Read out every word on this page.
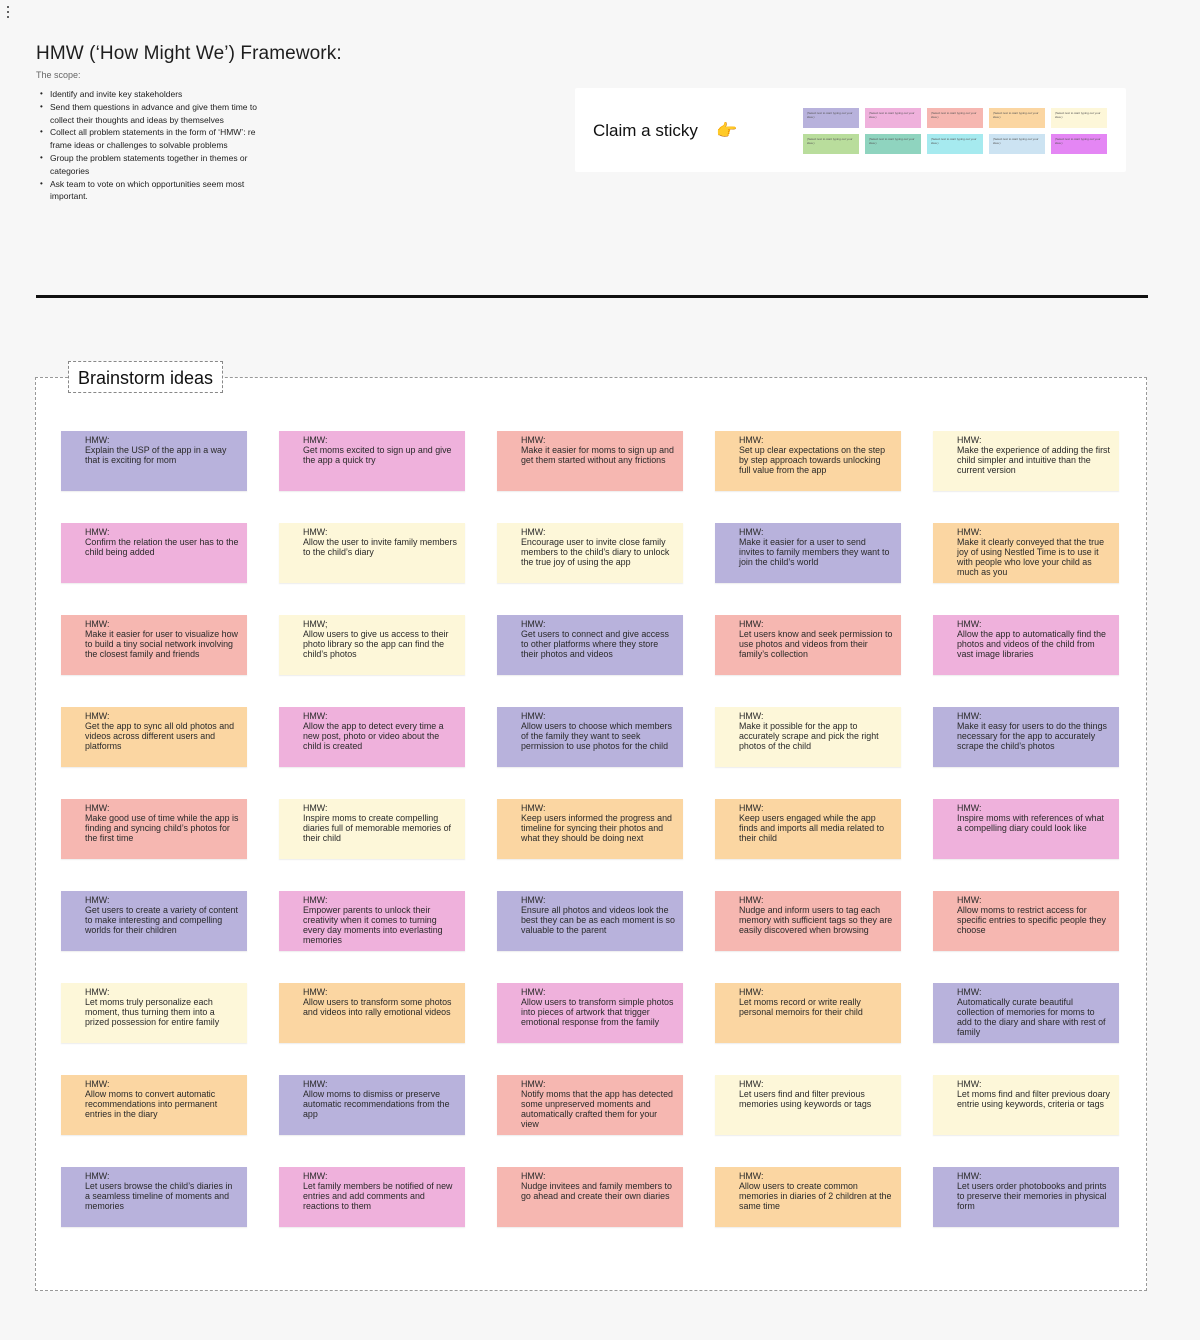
HMW (‘How Might We’) Framework:
The scope:
• Identify and invite key stakeholders
• Send them questions in advance and give them time to collect their thoughts and ideas by themselves
• Collect all problem statements in the form of ‘HMW’: re frame ideas or challenges to solvable problems
• Group the problem statements together in themes or categories
• Ask team to vote on which opportunities seem most important.
Claim a sticky 👉
(Select text to start typing out your idea.)
(Select text to start typing out your idea.)
(Select text to start typing out your idea.)
(Select text to start typing out your idea.)
(Select text to start typing out your idea.)
(Select text to start typing out your idea.)
(Select text to start typing out your idea.)
(Select text to start typing out your idea.)
(Select text to start typing out your idea.)
(Select text to start typing out your idea.)
Brainstorm ideas
HMW:
Explain the USP of the app in a way that is exciting for mom
HMW:
Get moms excited to sign up and give the app a quick try
HMW:
Make it easier for moms to sign up and get them started without any frictions
HMW:
Set up clear expectations on the step by step approach towards unlocking full value from the app
HMW:
Make the experience of adding the first child simpler and intuitive than the current version
HMW:
Confirm the relation the user has to the child being added
HMW:
Allow the user to invite family members to the child’s diary
HMW:
Encourage user to invite close family members to the child’s diary to unlock the true joy of using the app
HMW:
Make it easier for a user to send invites to family members they want to join the child’s world
HMW:
Make it clearly conveyed that the true joy of using Nestled Time is to use it with people who love your child as much as you
HMW:
Make it easier for user to visualize how to build a tiny social network involving the closest family and friends
HMW;
Allow users to give us access to their photo library so the app can find the child’s photos
HMW:
Get users to connect and give access to other platforms where they store their photos and videos
HMW:
Let users know and seek permission to use photos and videos from their family’s collection
HMW:
Allow the app to automatically find the photos and videos of the child from vast image libraries
HMW:
Get the app to sync all old photos and videos across different users and platforms
HMW:
Allow the app to detect every time a new post, photo or video about the child is created
HMW:
Allow users to choose which members of the family they want to seek permission to use photos for the child
HMW:
Make it possible for the app to accurately scrape and pick the right photos of the child
HMW:
Make it easy for users to do the things necessary for the app to accurately scrape the child’s photos
HMW:
Make good use of time while the app is finding and syncing child’s photos for the first time
HMW:
Inspire moms to create compelling diaries full of memorable memories of their child
HMW:
Keep users informed the progress and timeline for syncing their photos and what they should be doing next
HMW:
Keep users engaged while the app finds and imports all media related to their child
HMW:
Inspire moms with references of what a compelling diary could look like
HMW:
Get users to create a variety of content to make interesting and compelling worlds for their children
HMW:
Empower parents to unlock their creativity when it comes to turning every day moments into everlasting memories
HMW:
Ensure all photos and videos look the best they can be as each moment is so valuable to the parent
HMW:
Nudge and inform users to tag each memory with sufficient tags so they are easily discovered when browsing
HMW:
Allow moms to restrict access for specific entries to specific people they choose
HMW:
Let moms truly personalize each moment, thus turning them into a prized possession for entire family
HMW:
Allow users to transform some photos and videos into rally emotional videos
HMW:
Allow users to transform simple photos into pieces of artwork that trigger emotional response from the family
HMW:
Let moms record or write really personal memoirs for their child
HMW:
Automatically curate beautiful collection of memories for moms to add to the diary and share with rest of family
HMW:
Allow moms to convert automatic recommendations into permanent entries in the diary
HMW:
Allow moms to dismiss or preserve automatic recommendations from the app
HMW:
Notify moms that the app has detected some unpreserved moments and automatically crafted them for your view
HMW:
Let users find and filter previous memories using keywords or tags
HMW:
Let moms find and filter previous doary entrie using keywords, criteria or tags
HMW:
Let users browse the child’s diaries in a seamless timeline of moments and memories
HMW:
Let family members be notified of new entries and add comments and reactions to them
HMW:
Nudge invitees and family members to go ahead and create their own diaries
HMW:
Allow users to create common memories in diaries of 2 children at the same time
HMW:
Let users order photobooks and prints to preserve their memories in physical form
